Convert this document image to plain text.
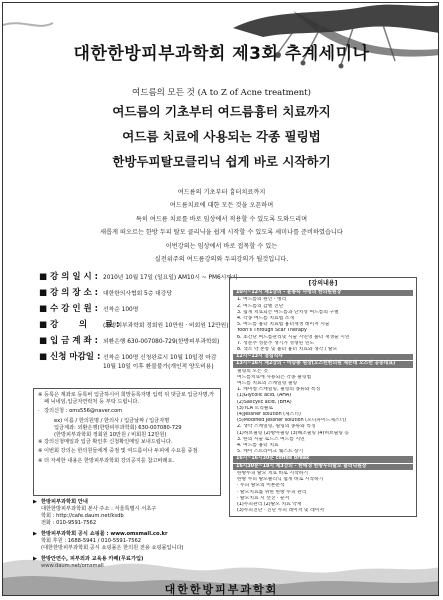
대한한방피부과학회 제3회 추계세미나
여드름의 모든 것 (A to Z of Acne treatment)
여드름의 기초부터 여드름흉터 치료까지
여드름 치료에 사용되는 각종 필링법
한방두피탈모클리닉 쉽게 바로 시작하기
여드름의 기초부터 흉터치료까지
여드름치료에 대한 모든 것을 오픈하며
특히 여드름 치료를 바로 임상에서 적용할 수 있도록 도와드리며
새롭게 떠오르는 한방 두피 탈모 클리닉을 쉽게 시작할 수 있도록 세미나를 준비하였습니다
이번강의는 임상에서 바로 접목할 수 있는
실전위주의 여드름강의와 두피강의가 될것입니다.
■ 강 의 일 시 : 2010년 10월 17일 (일요일) AM10시 ~ PM6시까지
■ 강 의 장 소 : 대한한의사협회 5층 대강당
■ 수 강 인 원 : 선착순 100명
■ 강       의      료 :
(한방피부과학회 정회원 10만원 · 비회원 12만원)
■ 입 금 계 좌 : 외환은행 630-007080-729(한방피부과학회)
■ 신청 마감일 : 선착순 100명 신청완료시 10월 10일경 마감
10월 10일 이후 환불불가(개인적 양도비용)
※ 등록은 계좌로 등록비 입금하시어 희망등록자명 입력 뒤 댓글로 입금자명,카페 닉네임,입금자연락처 등 부탁 드립니다.
· 강의신청 : oms556@naver.com
ex) 이름 / 한의원명 / 한의사 / 입금날짜 / 입금자명
입금계좌: 외환은행(한방피부과학회) 630-007080-729
(한방피부과학회 정회원 10만원 / 비회원 12만원)
※ 강의신청메일과 입금 확인후 신청확인메일 보내드립니다.
※ 이번회 강의는 한의원들에게 중점 및 여드름이나 두피에 수요를 중점
※ 더 자세한 내용은 한방피부과학회 강의공지를 참고바래요.
▶ 한방피부과학회 안내
대한한방피부과학회 본사 주소 : 서울특별시 서초구
학회 : http://cafe.daum.net/ksdb
전화 : 010-9591-7562
▶ 한방피부과학회 공식 쇼핑몰 : www.omsmall.co.kr
학회 후원 : 1688-5941 / 010-5591-7562
(대한한방피부과학회 공식 쇼핑몰은 한의원 전용 쇼핑몰입니다)
▶ 한방안면수, 피부외과 교육용 카페(무료가입)
www.daum.net/omsmall
[강의내용]
10시~12시 제1강의 - 윤종숙 사령의 한의원원장
1. 여드름의 원인 · 병리
2. 여드름의 감별 진단
3. 쉽게 치료되는 여드름과 난치성 여드름의 구별
4. 각종 여드름 치료법 소개
5. 여드름 흉터 치료법 흉터재생 레이저 시술
Yoon's Through Scar Therapy
6. 초간단 여드름관리및 시술 시연영 흉터 재생술 시연
7. 성분추 성분추 생기가 성형된 연도
8. 색소 약 본통 및 흉터 흉터 치료와 생각 / 탈모
12시~13시 점심식사
13시~16시 제2강의 - 이승종 원장(오스틴한의원 체온대 오스턴 공동대표)
필링의 모든 것
여드름치료에 사용되는 각종 필링법
여드름 치료의 스케일링 필링
1. 케미컬 스케일링, 필링의 종류와 특징
(1)Glycolic acid, (AHA)
(2)Salicylic acid, (BHA)
(3)TCA 트리클로
(4)Jessner solution (제스너)
(5)Modified Jessner solution (모디파이드제스너)
2. 생약 스케일링, 필링의 종류와 특징
(1)허브필링 (2)방아필링 (3)해조필링 (4)허브필링 등
3. 한의 시술 로드스 여드름 시연
4. 여드름 흉터 치료
5. 케이 스트라이크 웨스트 장기
16시~16시30분 coffee break
16시30분~18시 제3강의 - 한배경 한방두피탈모 클리닉원장
한방두피 탈모 치료 바로 시작하기
한방 두피 탈모클리닉 쉽게 바로 시작하기
· 두피 탈모의 이론분석
· 탈모치료를 위한 한방 두피 관리
· 탈모치료 시 선진 · 순서
(1)두피관리 (2)탈모 치료 약재
(3)두피진단 · 진단 두피 레이저 및 레이저
대한한방피부과학회
